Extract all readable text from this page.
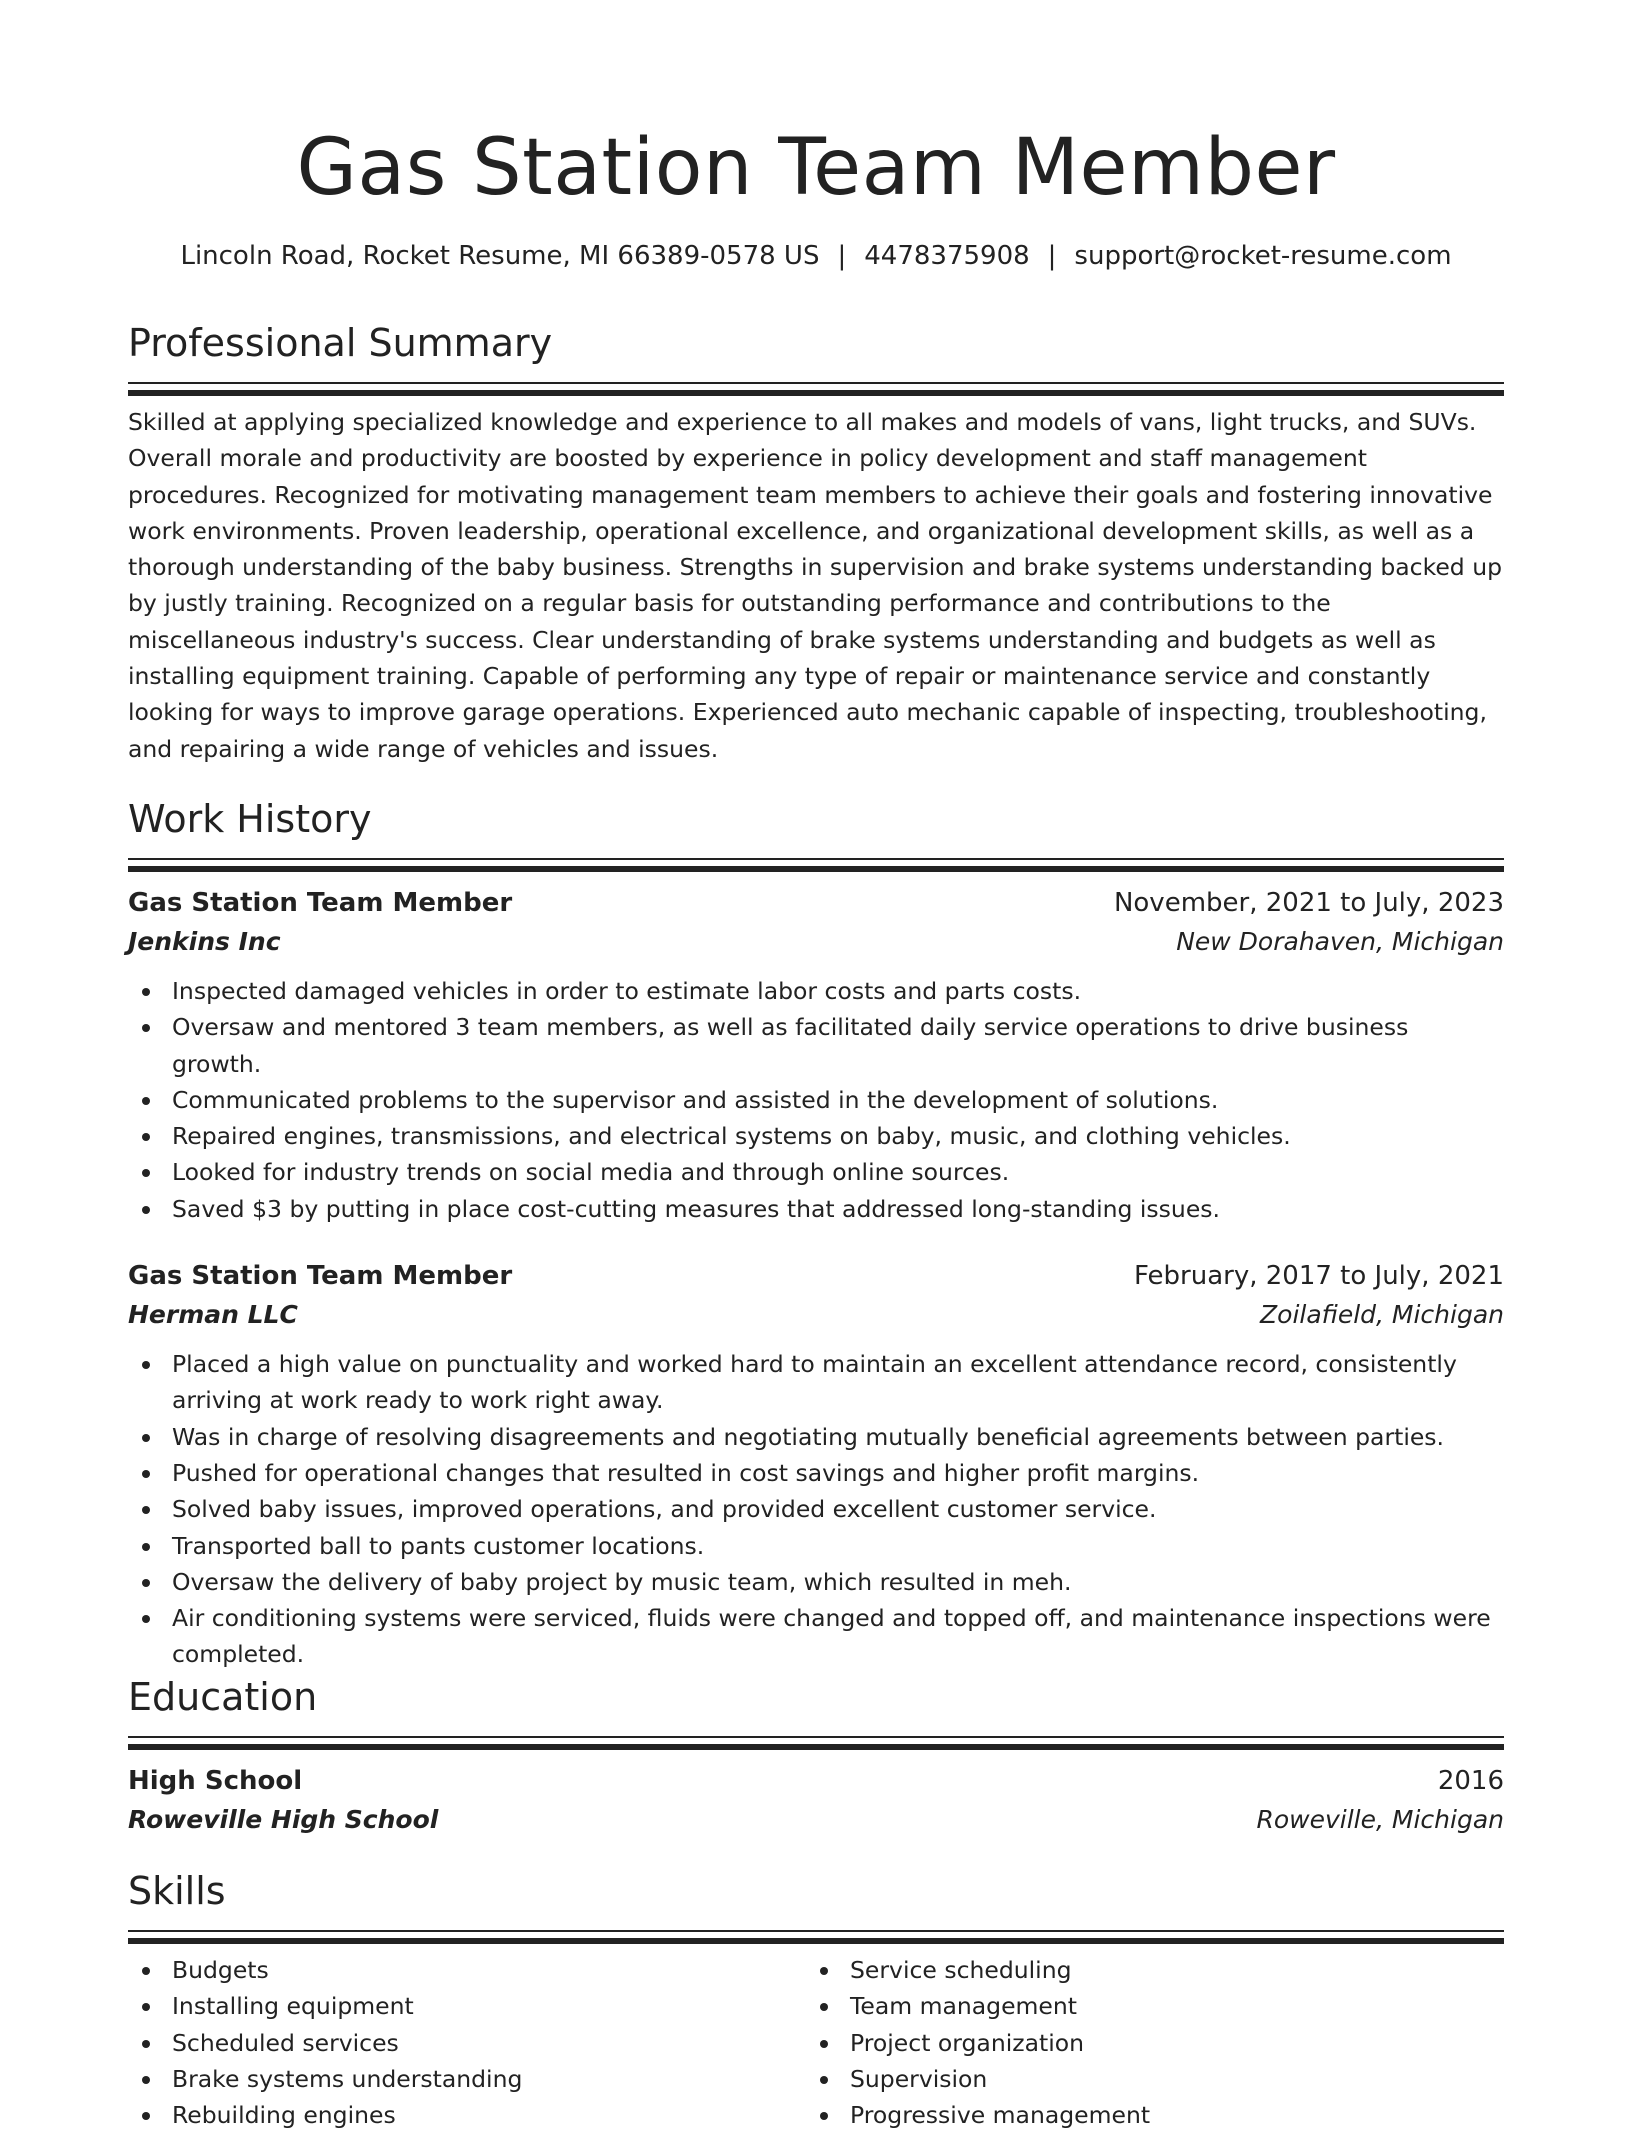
Gas Station Team Member
Lincoln Road, Rocket Resume, MI 66389-0578 US | 4478375908 | support@rocket-resume.com
Professional Summary

Skilled at applying specialized knowledge and experience to all makes and models of vans, light trucks, and SUVs. Overall morale and productivity are boosted by experience in policy development and staff management procedures. Recognized for motivating management team members to achieve their goals and fostering innovative work environments. Proven leadership, operational excellence, and organizational development skills, as well as a thorough understanding of the baby business. Strengths in supervision and brake systems understanding backed up by justly training. Recognized on a regular basis for outstanding performance and contributions to the miscellaneous industry's success. Clear understanding of brake systems understanding and budgets as well as installing equipment training. Capable of performing any type of repair or maintenance service and constantly looking for ways to improve garage operations. Experienced auto mechanic capable of inspecting, troubleshooting, and repairing a wide range of vehicles and issues.

Work History
Gas Station Team Member	November, 2021 to July, 2023
Jenkins Inc	New Dorahaven, Michigan
Inspected damaged vehicles in order to estimate labor costs and parts costs.
Oversaw and mentored 3 team members, as well as facilitated daily service operations to drive business growth.
Communicated problems to the supervisor and assisted in the development of solutions.
Repaired engines, transmissions, and electrical systems on baby, music, and clothing vehicles.
Looked for industry trends on social media and through online sources.
Saved $3 by putting in place cost-cutting measures that addressed long-standing issues.
Gas Station Team Member	February, 2017 to July, 2021
Herman LLC	Zoilafield, Michigan
Placed a high value on punctuality and worked hard to maintain an excellent attendance record, consistently arriving at work ready to work right away.
Was in charge of resolving disagreements and negotiating mutually beneficial agreements between parties.
Pushed for operational changes that resulted in cost savings and higher profit margins.
Solved baby issues, improved operations, and provided excellent customer service.
Transported ball to pants customer locations.
Oversaw the delivery of baby project by music team, which resulted in meh.
Air conditioning systems were serviced, fluids were changed and topped off, and maintenance inspections were completed.
Education
High School	2016
Roweville High School	Roweville, Michigan
Skills
Budgets
Installing equipment
Scheduled services
Brake systems understanding
Rebuilding engines
Service scheduling
Team management
Project organization
Supervision
Progressive management
